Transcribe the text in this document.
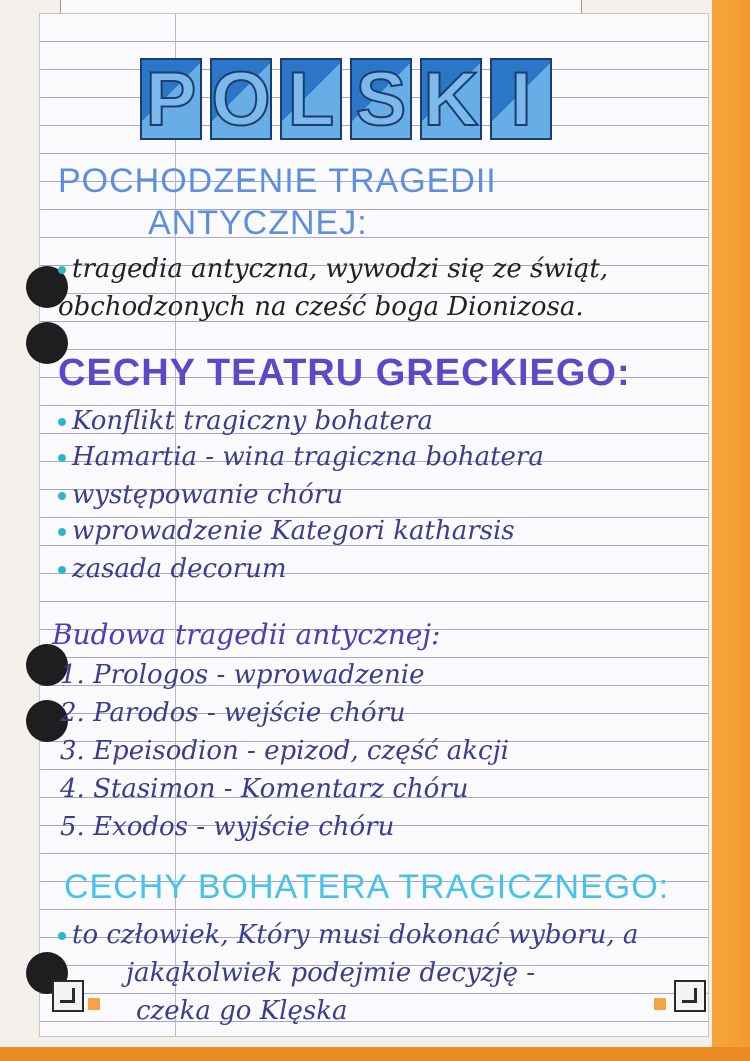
P O L S K I
POCHODZENIE TRAGEDII
ANTYCZNEJ:
tragedia antyczna, wywodzi się ze świąt,
obchodzonych na cześć boga Dionizosa.
CECHY TEATRU GRECKIEGO:
Konflikt tragiczny bohatera
Hamartia - wina tragiczna bohatera
występowanie chóru
wprowadzenie Kategori katharsis
zasada decorum
Budowa tragedii antycznej:
1. Prologos - wprowadzenie
2. Parodos - wejście chóru
3. Epeisodion - epizod, część akcji
4. Stasimon - Komentarz chóru
5. Exodos - wyjście chóru
CECHY BOHATERA TRAGICZNEGO:
to człowiek, Który musi dokonać wyboru, a
jakąkolwiek podejmie decyzję -
czeka go Klęska
